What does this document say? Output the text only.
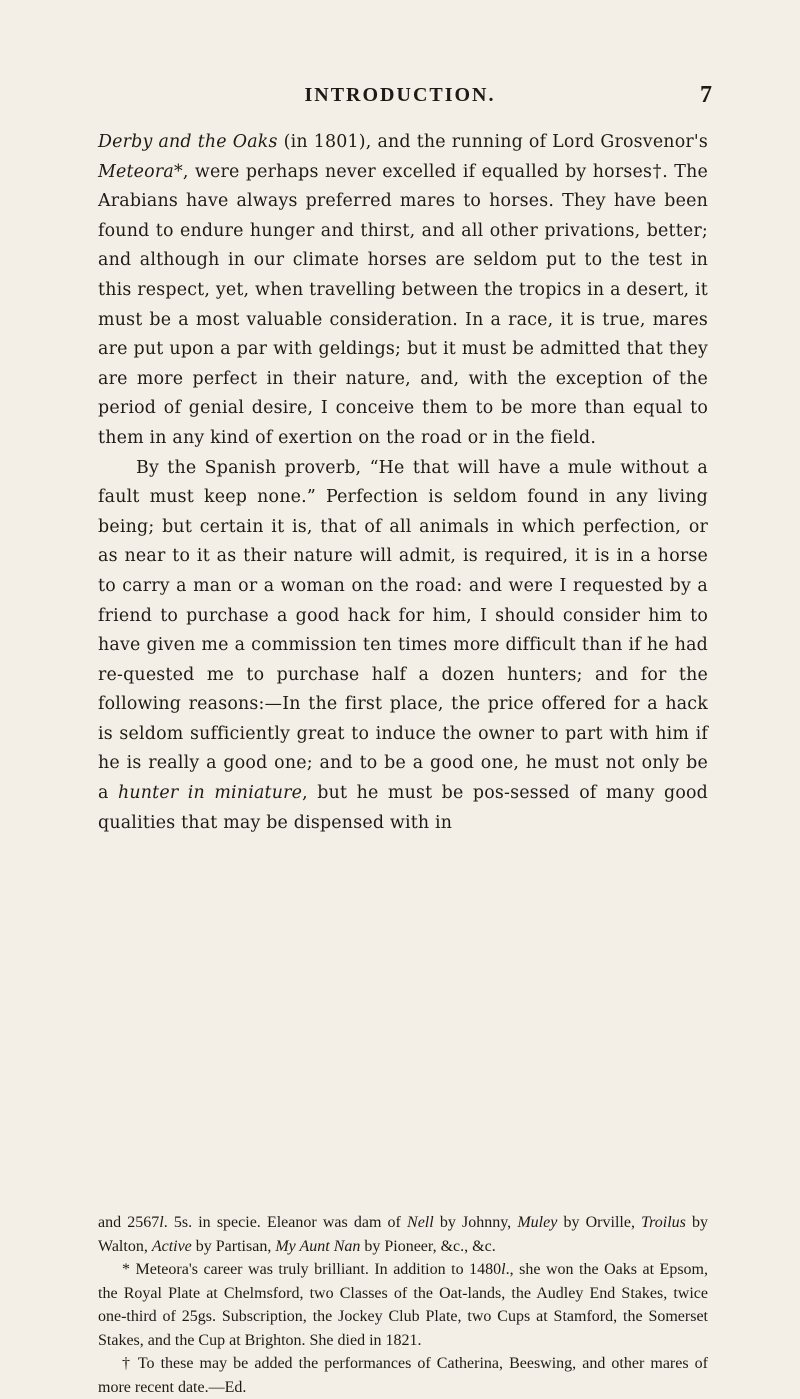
INTRODUCTION.	7

Derby and the Oaks (in 1801), and the running of Lord Grosvenor's Meteora*, were perhaps never excelled if equalled by horses†. The Arabians have always preferred mares to horses. They have been found to endure hunger and thirst, and all other privations, better; and although in our climate horses are seldom put to the test in this respect, yet, when travelling between the tropics in a desert, it must be a most valuable consideration. In a race, it is true, mares are put upon a par with geldings; but it must be admitted that they are more perfect in their nature, and, with the exception of the period of genial desire, I conceive them to be more than equal to them in any kind of exertion on the road or in the field.

By the Spanish proverb, “He that will have a mule without a fault must keep none.” Perfection is seldom found in any living being; but certain it is, that of all animals in which perfection, or as near to it as their nature will admit, is required, it is in a horse to carry a man or a woman on the road: and were I requested by a friend to purchase a good hack for him, I should consider him to have given me a commission ten times more difficult than if he had re-quested me to purchase half a dozen hunters; and for the following reasons:—In the first place, the price offered for a hack is seldom sufficiently great to induce the owner to part with him if he is really a good one; and to be a good one, he must not only be a hunter in miniature, but he must be pos-sessed of many good qualities that may be dispensed with in

and 2567l. 5s. in specie. Eleanor was dam of Nell by Johnny, Muley by Orville, Troilus by Walton, Active by Partisan, My Aunt Nan by Pioneer, &c., &c.

* Meteora's career was truly brilliant. In addition to 1480l., she won the Oaks at Epsom, the Royal Plate at Chelmsford, two Classes of the Oat-lands, the Audley End Stakes, twice one-third of 25gs. Subscription, the Jockey Club Plate, two Cups at Stamford, the Somerset Stakes, and the Cup at Brighton. She died in 1821.

† To these may be added the performances of Catherina, Beeswing, and other mares of more recent date.—Ed.
